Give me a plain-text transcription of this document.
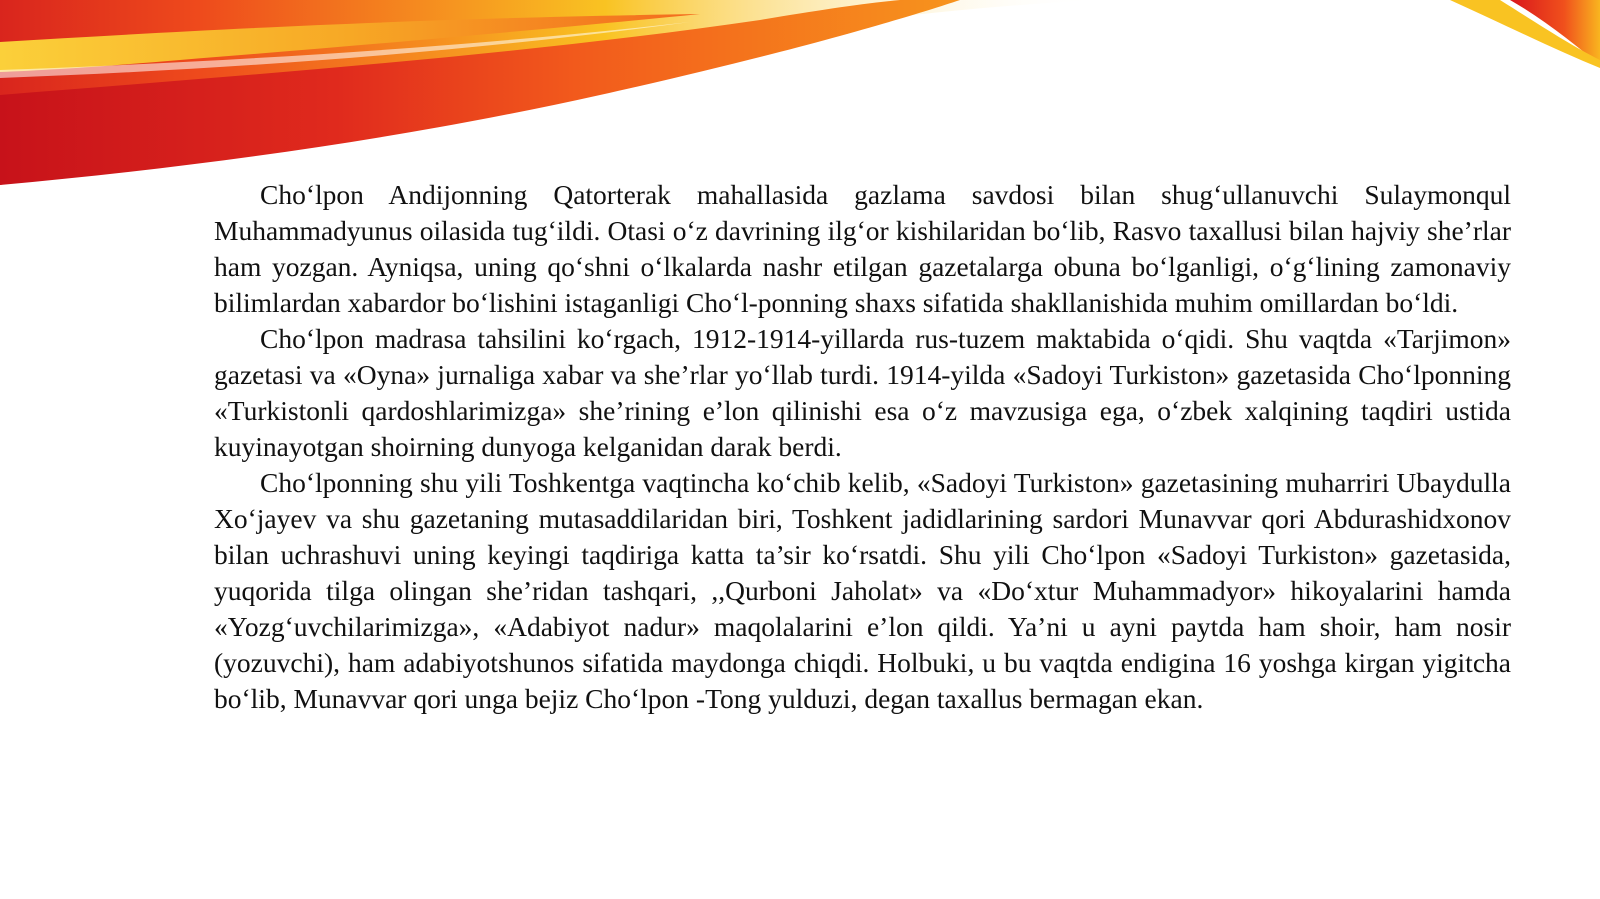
Cho‘lpon Andijonning Qatorterak mahallasida gazlama savdosi bilan shug‘ullanuvchi Sulaymonqul Muhammadyunus oilasida tug‘ildi. Otasi o‘z davrining ilg‘or kishilaridan bo‘lib, Rasvo taxallusi bilan hajviy she’rlar ham yozgan. Ayniqsa, uning qo‘shni o‘lkalarda nashr etilgan gazetalarga obuna bo‘lganligi, o‘g‘lining zamonaviy bilimlardan xabardor bo‘lishini istaganligi Cho‘l-ponning shaxs sifatida shakllanishida muhim omillardan bo‘ldi.

Cho‘lpon madrasa tahsilini ko‘rgach, 1912-1914-yillarda rus-tuzem maktabida o‘qidi. Shu vaqtda «Tarjimon» gazetasi va «Oyna» jurnaliga xabar va she’rlar yo‘llab turdi. 1914-yilda «Sadoyi Turkiston» gazetasida Cho‘lponning «Turkistonli qardoshlarimizga» she’rining e’lon qilinishi esa o‘z mavzusiga ega, o‘zbek xalqining taqdiri ustida kuyinayotgan shoirning dunyoga kelganidan darak berdi.

Cho‘lponning shu yili Toshkentga vaqtincha ko‘chib kelib, «Sadoyi Turkiston» gazetasining muharriri Ubaydulla Xo‘jayev va shu gazetaning mutasaddilaridan biri, Toshkent jadidlarining sardori Munavvar qori Abdurashidxonov bilan uchrashuvi uning keyingi taqdiriga katta ta’sir ko‘rsatdi. Shu yili Cho‘lpon «Sadoyi Turkiston» gazetasida, yuqorida tilga olingan she’ridan tashqari, ,,Qurboni Jaholat» va «Do‘xtur Muhammadyor» hikoyalarini hamda «Yozg‘uvchilarimizga», «Adabiyot nadur» maqolalarini e’lon qildi. Ya’ni u ayni paytda ham shoir, ham nosir (yozuvchi), ham adabiyotshunos sifatida maydonga chiqdi. Holbuki, u bu vaqtda endigina 16 yoshga kirgan yigitcha bo‘lib, Munavvar qori unga bejiz Cho‘lpon -Tong yulduzi, degan taxallus bermagan ekan.
